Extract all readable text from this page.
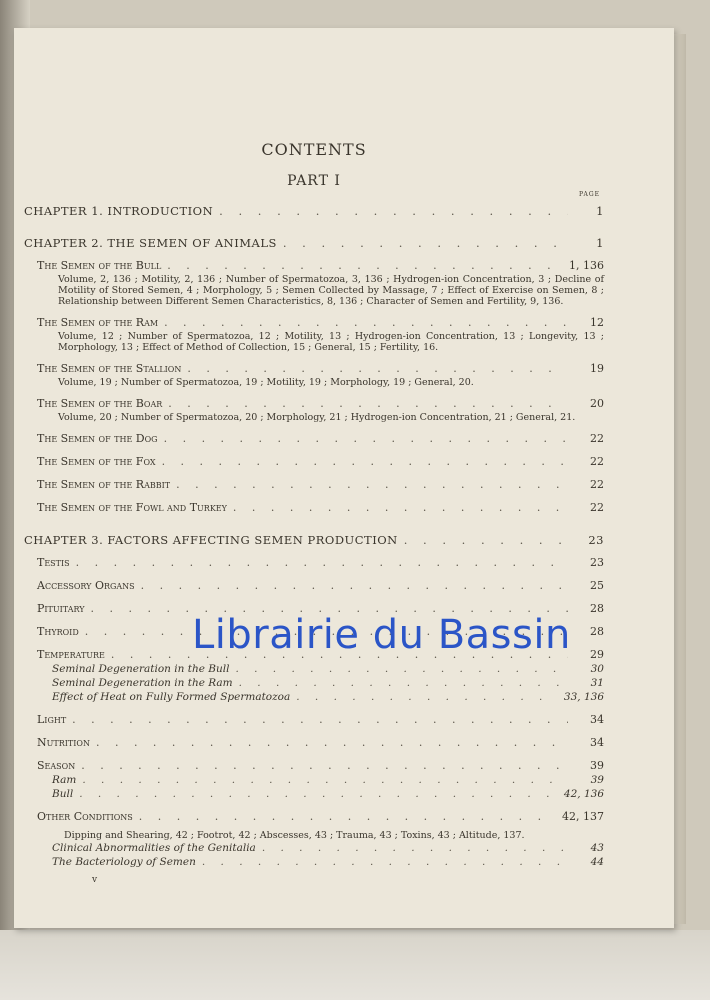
CONTENTS
PART I
PAGE
CHAPTER 1. INTRODUCTION . . .	1
CHAPTER 2. THE SEMEN OF ANIMALS . . .	1
The Semen of the Bull . . .	1, 136
Volume, 2, 136 ; Motility, 2, 136 ; Number of Spermatozoa, 3, 136 ; Hydrogen-ion Concentration, 3 ; Decline of Motility of Stored Semen, 4 ; Morphology, 5 ; Semen Collected by Massage, 7 ; Effect of Exercise on Semen, 8 ; Relationship between Different Semen Characteristics, 8, 136 ; Character of Semen and Fertility, 9, 136.
The Semen of the Ram . . .	12
Volume, 12 ; Number of Spermatozoa, 12 ; Motility, 13 ; Hydrogen-ion Concentration, 13 ; Longevity, 13 ; Morphology, 13 ; Effect of Method of Collection, 15 ; General, 15 ; Fertility, 16.
The Semen of the Stallion . . .	19
Volume, 19 ; Number of Spermatozoa, 19 ; Motility, 19 ; Morphology, 19 ; General, 20.
The Semen of the Boar . . .	20
Volume, 20 ; Number of Spermatozoa, 20 ; Morphology, 21 ; Hydrogen-ion Concentration, 21 ; General, 21.
The Semen of the Dog . . .	22
The Semen of the Fox . . .	22
The Semen of the Rabbit . . .	22
The Semen of the Fowl and Turkey . . .	22
CHAPTER 3. FACTORS AFFECTING SEMEN PRODUCTION . . .	23
Testis . . .	23
Accessory Organs . . .	25
Pituitary . . .	28
Thyroid . . .	28
Temperature . . .	29
Seminal Degeneration in the Bull . . .	30
Seminal Degeneration in the Ram . . .	31
Effect of Heat on Fully Formed Spermatozoa . . .	33, 136
Light . . .	34
Nutrition . . .	34
Season . . .	39
Ram . . .	39
Bull . . .	42, 136
Other Conditions . . .	42, 137
Dipping and Shearing, 42 ; Footrot, 42 ; Abscesses, 43 ; Trauma, 43 ; Toxins, 43 ; Altitude, 137.
Clinical Abnormalities of the Genitalia . . .	43
The Bacteriology of Semen . . .	44
v
Librairie du Bassin
